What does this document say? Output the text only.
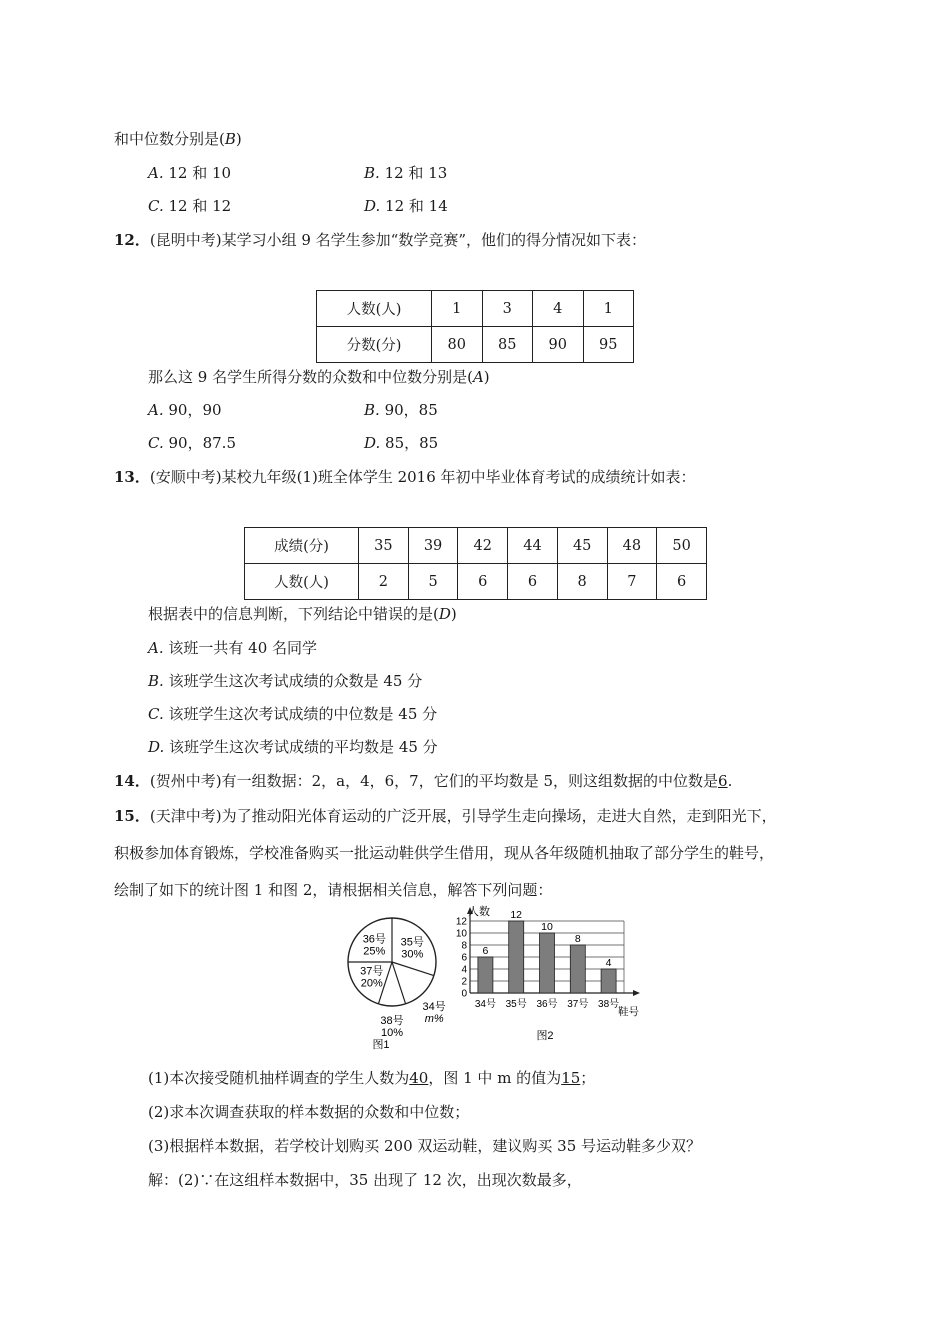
和中位数分别是(B)
A. 12 和 10	B. 12 和 13
C. 12 和 12	D. 12 和 14
12．(昆明中考)某学习小组 9 名学生参加“数学竞赛”，他们的得分情况如下表：
人数(人)	1	3	4	1
分数(分)	80	85	90	95
那么这 9 名学生所得分数的众数和中位数分别是(A)
A. 90，90	B. 90，85
C. 90，87.5	D. 85，85
13．(安顺中考)某校九年级(1)班全体学生 2016 年初中毕业体育考试的成绩统计如表：
成绩(分)	35	39	42	44	45	48	50
人数(人)	2	5	6	6	8	7	6
根据表中的信息判断，下列结论中错误的是(D)
A. 该班一共有 40 名同学
B. 该班学生这次考试成绩的众数是 45 分
C. 该班学生这次考试成绩的中位数是 45 分
D. 该班学生这次考试成绩的平均数是 45 分
14．(贺州中考)有一组数据：2，a，4，6，7，它们的平均数是 5，则这组数据的中位数是6.
15．(天津中考)为了推动阳光体育运动的广泛开展，引导学生走向操场，走进大自然，走到阳光下，
积极参加体育锻炼，学校准备购买一批运动鞋供学生借用，现从各年级随机抽取了部分学生的鞋号，
绘制了如下的统计图 1 和图 2，请根据相关信息，解答下列问题：
35号
30%
34号
m%
38号
10%
37号
20%
36号
25%
图1
0
2
4
6
8
10
12
6
34号
12
35号
10
36号
8
37号
4
38号
人数
鞋号
图2
(1)本次接受随机抽样调查的学生人数为40，图 1 中 m 的值为15；
(2)求本次调查获取的样本数据的众数和中位数；
(3)根据样本数据，若学校计划购买 200 双运动鞋，建议购买 35 号运动鞋多少双？
解：(2)∵在这组样本数据中，35 出现了 12 次，出现次数最多，
